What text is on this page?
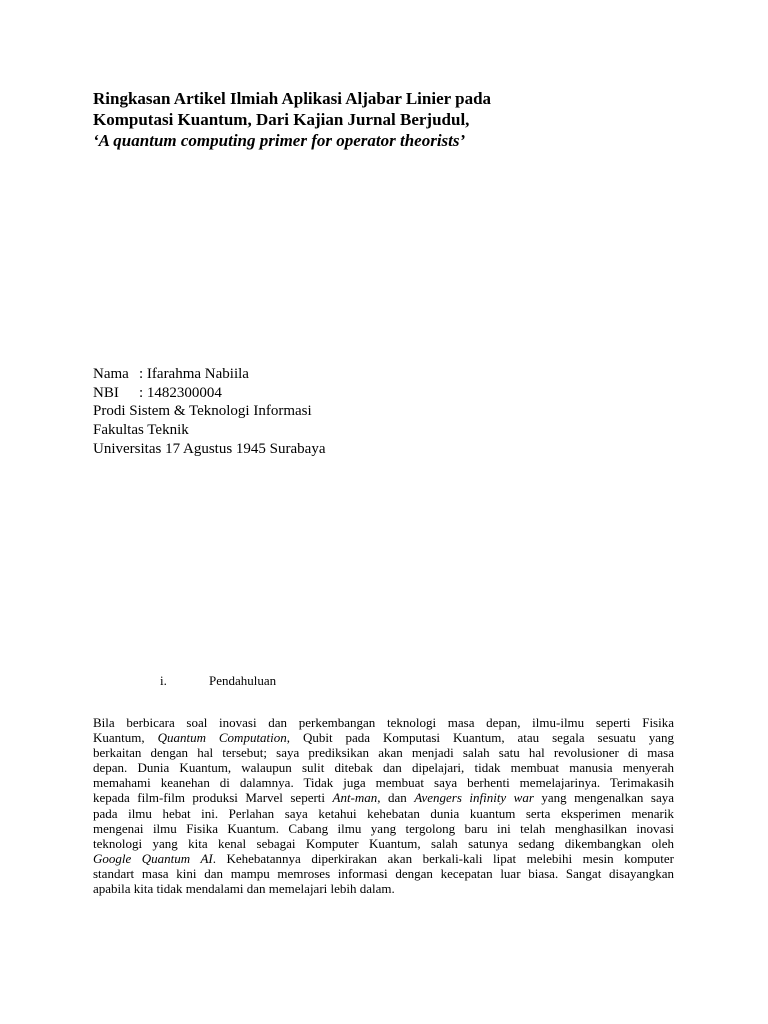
Ringkasan Artikel Ilmiah Aplikasi Aljabar Linier pada
Komputasi Kuantum, Dari Kajian Jurnal Berjudul,
‘A quantum computing primer for operator theorists’
Nama : Ifarahma Nabiila
NBI : 1482300004
Prodi Sistem & Teknologi Informasi
Fakultas Teknik
Universitas 17 Agustus 1945 Surabaya
i.	Pendahuluan
Bila berbicara soal inovasi dan perkembangan teknologi masa depan, ilmu-ilmu seperti Fisika
Kuantum, Quantum Computation, Qubit pada Komputasi Kuantum, atau segala sesuatu yang
berkaitan dengan hal tersebut; saya prediksikan akan menjadi salah satu hal revolusioner di masa
depan. Dunia Kuantum, walaupun sulit ditebak dan dipelajari, tidak membuat manusia menyerah
memahami keanehan di dalamnya. Tidak juga membuat saya berhenti memelajarinya. Terimakasih
kepada film-film produksi Marvel seperti Ant-man, dan Avengers infinity war yang mengenalkan saya
pada ilmu hebat ini. Perlahan saya ketahui kehebatan dunia kuantum serta eksperimen menarik
mengenai ilmu Fisika Kuantum. Cabang ilmu yang tergolong baru ini telah menghasilkan inovasi
teknologi yang kita kenal sebagai Komputer Kuantum, salah satunya sedang dikembangkan oleh
Google Quantum AI. Kehebatannya diperkirakan akan berkali-kali lipat melebihi mesin komputer
standart masa kini dan mampu memroses informasi dengan kecepatan luar biasa. Sangat disayangkan
apabila kita tidak mendalami dan memelajari lebih dalam.
